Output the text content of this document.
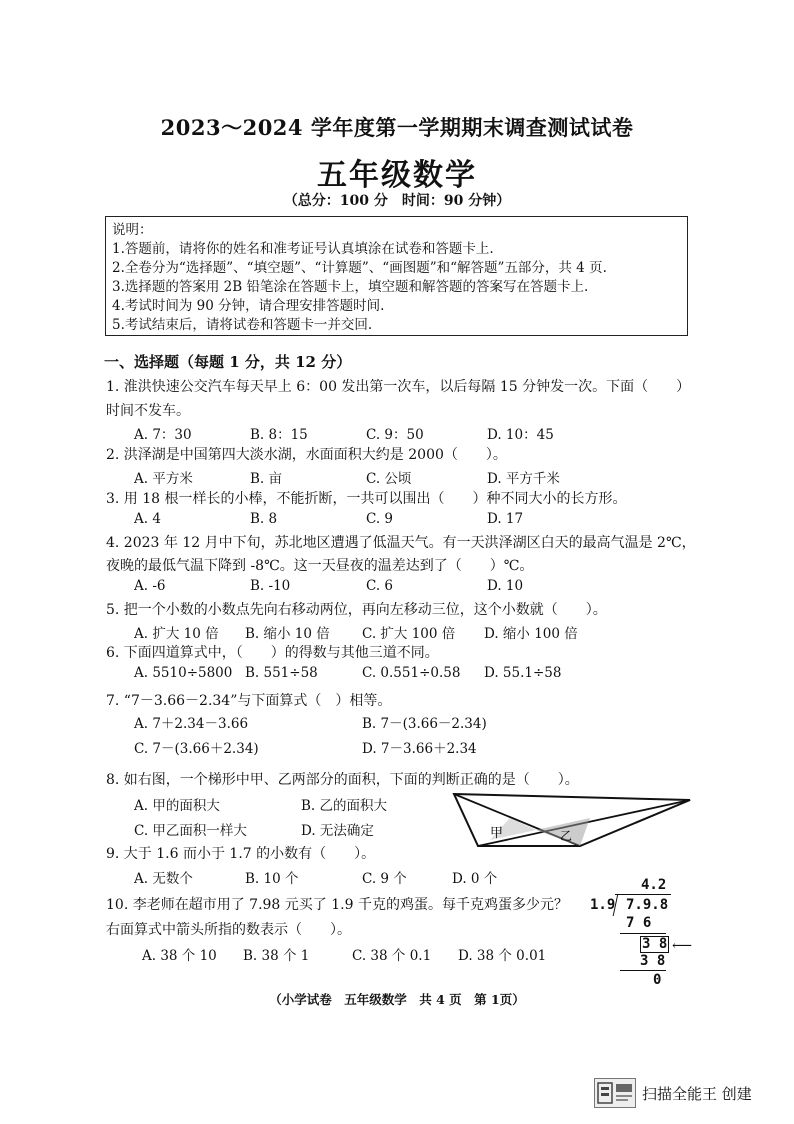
2023～2024 学年度第一学期期末调查测试试卷
五年级数学
（总分：100 分　时间：90 分钟）
说明：
1.答题前，请将你的姓名和准考证号认真填涂在试卷和答题卡上.
2.全卷分为“选择题”、“填空题”、“计算题”、“画图题”和“解答题”五部分，共 4 页.
3.选择题的答案用 2B 铅笔涂在答题卡上，填空题和解答题的答案写在答题卡上.
4.考试时间为 90 分钟，请合理安排答题时间.
5.考试结束后，请将试卷和答题卡一并交回.
一、选择题（每题 1 分，共 12 分）
1. 淮洪快速公交汽车每天早上 6：00 发出第一次车，以后每隔 15 分钟发一次。下面（　　）
时间不发车。
A. 7：30	B. 8：15	C. 9：50	D. 10：45
2. 洪泽湖是中国第四大淡水湖，水面面积大约是 2000（　　）。
A. 平方米	B. 亩	C. 公顷	D. 平方千米
3. 用 18 根一样长的小棒，不能折断，一共可以围出（　　）种不同大小的长方形。
A. 4	B. 8	C. 9	D. 17
4. 2023 年 12 月中下旬，苏北地区遭遇了低温天气。有一天洪泽湖区白天的最高气温是 2℃，
夜晚的最低气温下降到 -8℃。这一天昼夜的温差达到了（　　）℃。
A. -6	B. -10	C. 6	D. 10
5. 把一个小数的小数点先向右移动两位，再向左移动三位，这个小数就（　　）。
A. 扩大 10 倍 B. 缩小 10 倍 C. 扩大 100 倍 D. 缩小 100 倍
6. 下面四道算式中，（　　）的得数与其他三道不同。
A. 5510÷5800 B. 551÷58	C. 0.551÷0.58 D. 55.1÷58
7. “7－3.66－2.34”与下面算式（　）相等。
A. 7＋2.34－3.66	B. 7－(3.66－2.34)
C. 7－(3.66＋2.34)	D. 7－3.66＋2.34
8. 如右图，一个梯形中甲、乙两部分的面积，下面的判断正确的是（　　）。
A. 甲的面积大	B. 乙的面积大
C. 甲乙面积一样大	D. 无法确定	甲	乙
9. 大于 1.6 而小于 1.7 的小数有（　　）。
A. 无数个	B. 10 个	C. 9 个	D. 0 个
10. 李老师在超市用了 7.98 元买了 1.9 千克的鸡蛋。每千克鸡蛋多少元？
右面算式中箭头所指的数表示（　　）。
A. 38 个 10 B. 38 个 1	C. 38 个 0.1 D. 38 个 0.01
4.2
1.9 7.9.8
7 6
3 8 ⟵
3 8
0
（小学试卷　五年级数学　共 4 页　第 1页）
扫描全能王 创建
